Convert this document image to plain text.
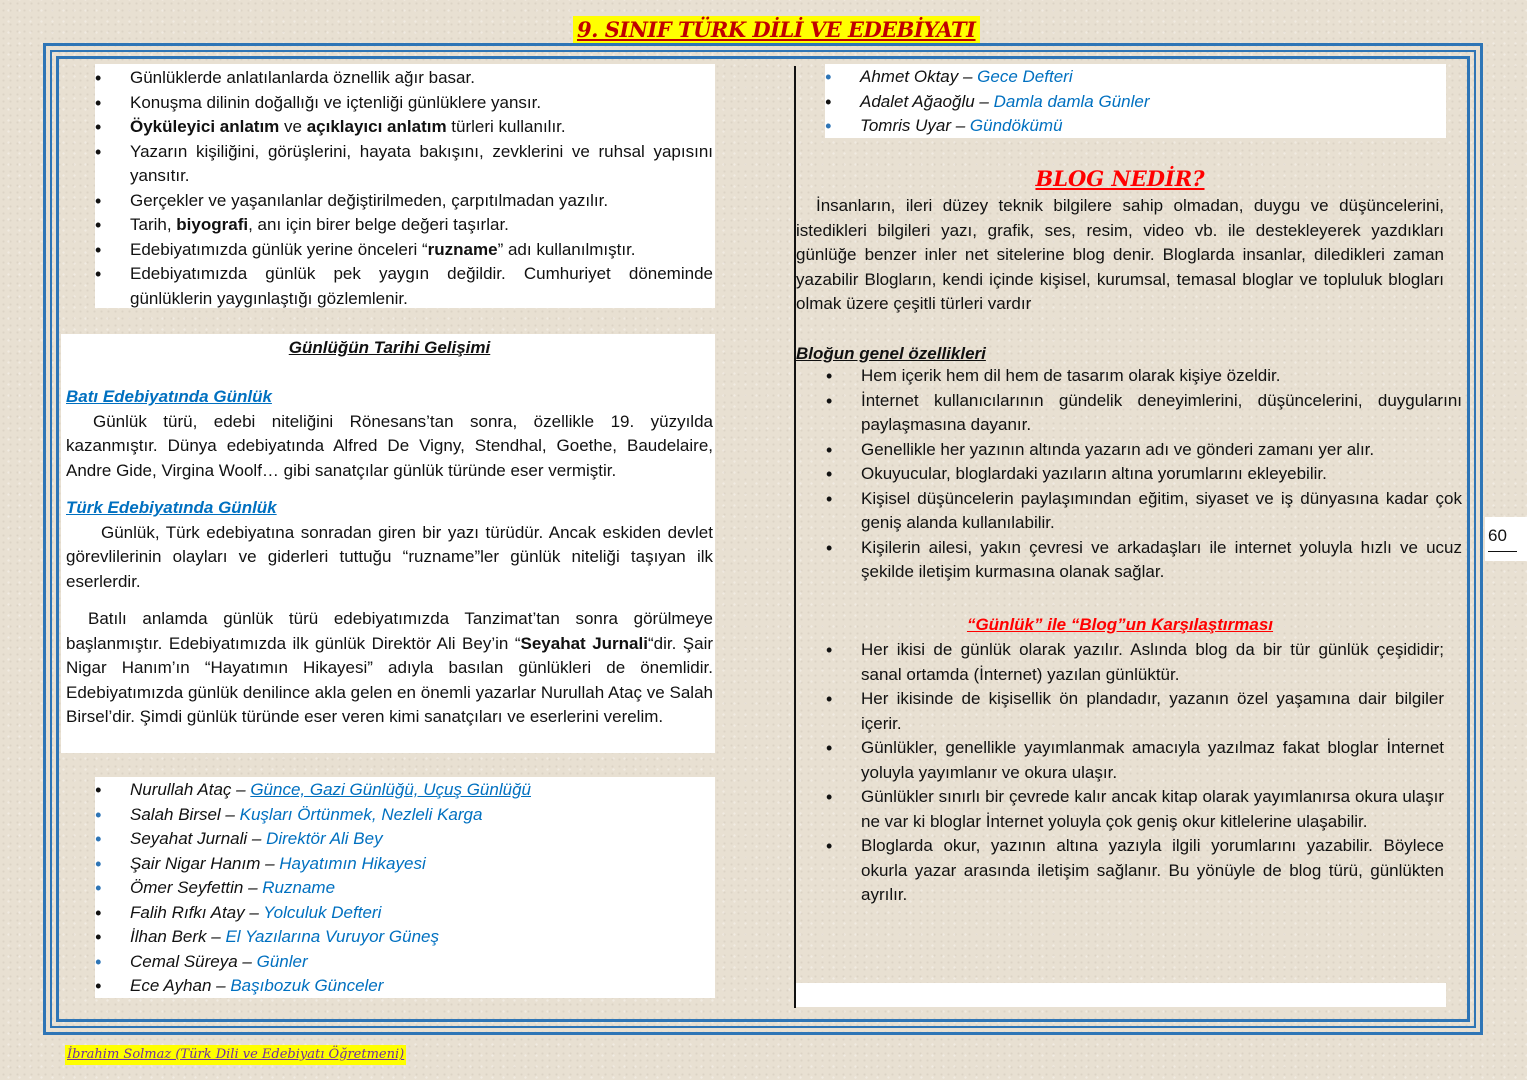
9. SINIF TÜRK DİLİ VE EDEBİYATI
• Günlüklerde anlatılanlarda öznellik ağır basar.
• Konuşma dilinin doğallığı ve içtenliği günlüklere yansır.
• Öyküleyici anlatım ve açıklayıcı anlatım türleri kullanılır.
• Yazarın kişiliğini, görüşlerini, hayata bakışını, zevklerini ve ruhsal yapısını yansıtır.
• Gerçekler ve yaşanılanlar değiştirilmeden, çarpıtılmadan yazılır.
• Tarih, biyografi, anı için birer belge değeri taşırlar.
• Edebiyatımızda günlük yerine önceleri “ruzname” adı kullanılmıştır.
• Edebiyatımızda günlük pek yaygın değildir. Cumhuriyet döneminde günlüklerin yaygınlaştığı gözlemlenir.
Günlüğün Tarihi Gelişimi
Batı Edebiyatında Günlük

Günlük türü, edebi niteliğini Rönesans’tan sonra, özellikle 19. yüzyılda kazanmıştır. Dünya edebiyatında Alfred De Vigny, Stendhal, Goethe, Baudelaire, Andre Gide, Virgina Woolf… gibi sanatçılar günlük türünde eser vermiştir.

Türk Edebiyatında Günlük

Günlük, Türk edebiyatına sonradan giren bir yazı türüdür. Ancak eskiden devlet görevlilerinin olayları ve giderleri tuttuğu “ruzname”ler günlük niteliği taşıyan ilk eserlerdir.

Batılı anlamda günlük türü edebiyatımızda Tanzimat’tan sonra görülmeye başlanmıştır. Edebiyatımızda ilk günlük Direktör Ali Bey’in “Seyahat Jurnali“dir. Şair Nigar Hanım’ın “Hayatımın Hikayesi” adıyla basılan günlükleri de önemlidir. Edebiyatımızda günlük denilince akla gelen en önemli yazarlar Nurullah Ataç ve Salah Birsel’dir. Şimdi günlük türünde eser veren kimi sanatçıları ve eserlerini verelim.

• Nurullah Ataç – Günce, Gazi Günlüğü, Uçuş Günlüğü
• Salah Birsel – Kuşları Örtünmek, Nezleli Karga
• Seyahat Jurnali – Direktör Ali Bey
• Şair Nigar Hanım – Hayatımın Hikayesi
• Ömer Seyfettin – Ruzname
• Falih Rıfkı Atay – Yolculuk Defteri
• İlhan Berk – El Yazılarına Vuruyor Güneş
• Cemal Süreya – Günler
• Ece Ayhan – Başıbozuk Günceler
• Ahmet Oktay – Gece Defteri
• Adalet Ağaoğlu – Damla damla Günler
• Tomris Uyar – Gündökümü
BLOG NEDİR?

İnsanların, ileri düzey teknik bilgilere sahip olmadan, duygu ve düşüncelerini, istedikleri bilgileri yazı, grafik, ses, resim, video vb. ile destekleyerek yazdıkları günlüğe benzer inler net sitelerine blog denir. Bloglarda insanlar, diledikleri zaman yazabilir Blogların, kendi içinde kişisel, kurumsal, temasal bloglar ve topluluk blogları olmak üzere çeşitli türleri vardır

Bloğun genel özellikleri
• Hem içerik hem dil hem de tasarım olarak kişiye özeldir.
• İnternet kullanıcılarının gündelik deneyimlerini, düşüncelerini, duygularını paylaşmasına dayanır.
• Genellikle her yazının altında yazarın adı ve gönderi zamanı yer alır.
• Okuyucular, bloglardaki yazıların altına yorumlarını ekleyebilir.
• Kişisel düşüncelerin paylaşımından eğitim, siyaset ve iş dünyasına kadar çok geniş alanda kullanılabilir.
• Kişilerin ailesi, yakın çevresi ve arkadaşları ile internet yoluyla hızlı ve ucuz şekilde iletişim kurmasına olanak sağlar.
“Günlük” ile “Blog”un Karşılaştırması
• Her ikisi de günlük olarak yazılır. Aslında blog da bir tür günlük çeşididir; sanal ortamda (İnternet) yazılan günlüktür.
• Her ikisinde de kişisellik ön plandadır, yazanın özel yaşamına dair bilgiler içerir.
• Günlükler, genellikle yayımlanmak amacıyla yazılmaz fakat bloglar İnternet yoluyla yayımlanır ve okura ulaşır.
• Günlükler sınırlı bir çevrede kalır ancak kitap olarak yayımlanırsa okura ulaşır ne var ki bloglar İnternet yoluyla çok geniş okur kitlelerine ulaşabilir.
• Bloglarda okur, yazının altına yazıyla ilgili yorumlarını yazabilir. Böylece okurla yazar arasında iletişim sağlanır. Bu yönüyle de blog türü, günlükten ayrılır.
60
İbrahim Solmaz (Türk Dili ve Edebiyatı Öğretmeni)
